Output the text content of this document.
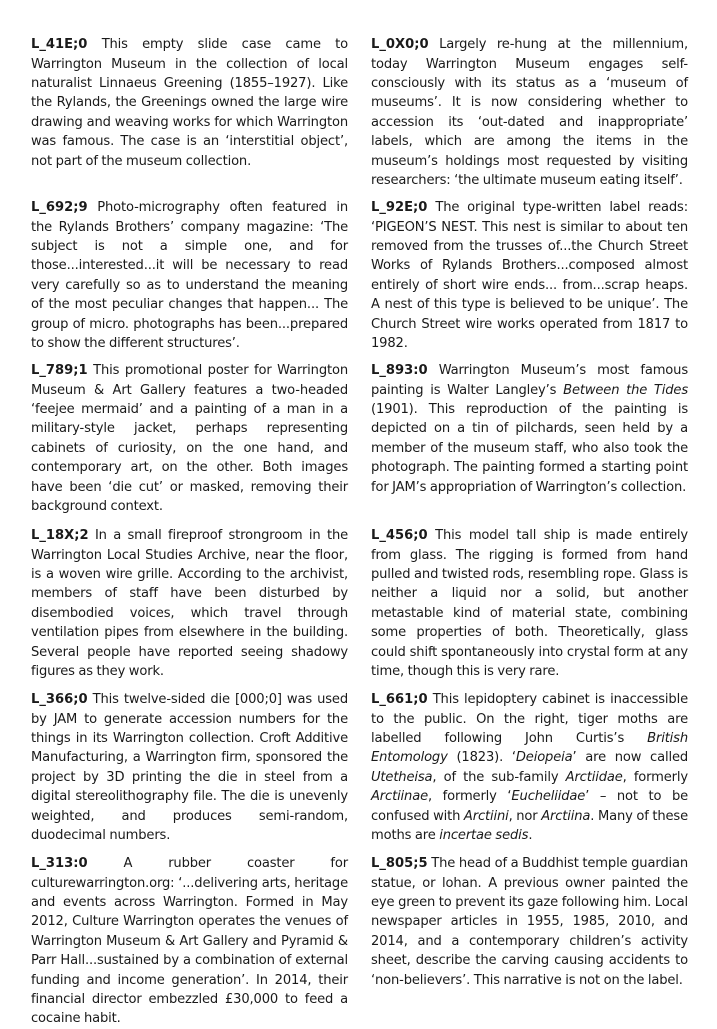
L_41E;0 This empty slide case came to Warrington Museum in the collection of local naturalist Linnaeus Greening (1855–1927). Like the Rylands, the Greenings owned the large wire drawing and weaving works for which Warrington was famous. The case is an ‘interstitial object’, not part of the museum collection.

L_0X0;0 Largely re-hung at the millennium, today Warrington Museum engages self-consciously with its status as a ‘museum of museums’. It is now considering whether to accession its ‘out-dated and inappropriate’ labels, which are among the items in the museum’s holdings most requested by visiting researchers: ‘the ultimate museum eating itself’.

L_692;9 Photo-micrography often featured in the Rylands Brothers’ company magazine: ‘The subject is not a simple one, and for those...interested...it will be necessary to read very carefully so as to understand the meaning of the most peculiar changes that happen... The group of micro. photographs has been...prepared to show the different structures’.

L_92E;0 The original type-written label reads: ‘PIGEON’S NEST. This nest is similar to about ten removed from the trusses of...the Church Street Works of Rylands Brothers...composed almost entirely of short wire ends... from...scrap heaps. A nest of this type is believed to be unique’. The Church Street wire works operated from 1817 to 1982.

L_789;1 This promotional poster for Warrington Museum & Art Gallery features a two-headed ‘feejee mermaid’ and a painting of a man in a military-style jacket, perhaps representing cabinets of curiosity, on the one hand, and contemporary art, on the other. Both images have been ‘die cut’ or masked, removing their background context.

L_893:0 Warrington Museum’s most famous painting is Walter Langley’s Between the Tides (1901). This reproduction of the painting is depicted on a tin of pilchards, seen held by a member of the museum staff, who also took the photograph. The painting formed a starting point for JAM’s appropriation of Warrington’s collection.

L_18X;2 In a small fireproof strongroom in the Warrington Local Studies Archive, near the floor, is a woven wire grille. According to the archivist, members of staff have been disturbed by disembodied voices, which travel through ventilation pipes from elsewhere in the building. Several people have reported seeing shadowy figures as they work.

L_456;0 This model tall ship is made entirely from glass. The rigging is formed from hand pulled and twisted rods, resembling rope. Glass is neither a liquid nor a solid, but another metastable kind of material state, combining some properties of both. Theoretically, glass could shift spontaneously into crystal form at any time, though this is very rare.

L_366;0 This twelve-sided die [000;0] was used by JAM to generate accession numbers for the things in its Warrington collection. Croft Additive Manufacturing, a Warrington firm, sponsored the project by 3D printing the die in steel from a digital stereolithography file. The die is unevenly weighted, and produces semi-random, duodecimal numbers.

L_661;0 This lepidoptery cabinet is inaccessible to the public. On the right, tiger moths are labelled following John Curtis’s British Entomology (1823). ‘Deiopeia’ are now called Utetheisa, of the sub-family Arctiidae, formerly Arctiinae, formerly ‘Eucheliidae’ – not to be confused with Arctiini, nor Arctiina. Many of these moths are incertae sedis.

L_313:0	A rubber coaster for culturewarrington.org: ‘...delivering arts, heritage and events across Warrington. Formed in May 2012, Culture Warrington operates the venues of Warrington Museum & Art Gallery and Pyramid & Parr Hall...sustained by a combination of external funding and income generation’. In 2014, their financial director embezzled £30,000 to feed a cocaine habit.

L_805;5 The head of a Buddhist temple guardian statue, or lohan. A previous owner painted the eye green to prevent its gaze following him. Local newspaper articles in 1955, 1985, 2010, and 2014, and a contemporary children’s activity sheet, describe the carving causing accidents to ‘non-believers’. This narrative is not on the label.
